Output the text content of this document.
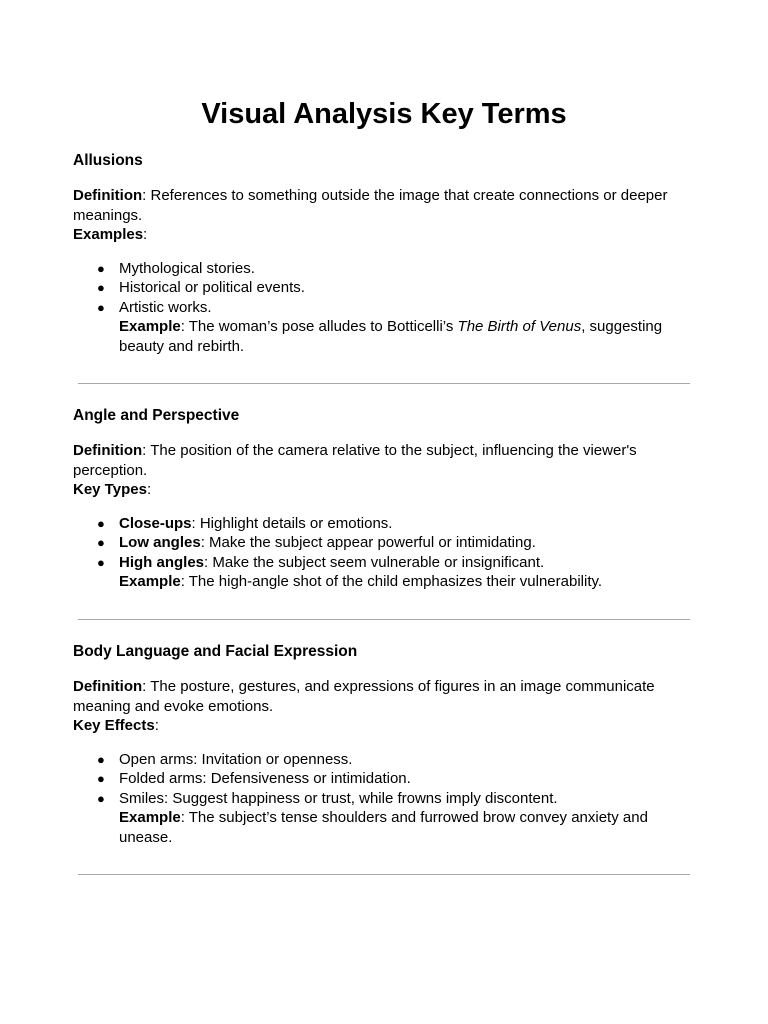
Visual Analysis Key Terms

Allusions

Definition: References to something outside the image that create connections or deeper meanings.

Examples:

● Mythological stories.
● Historical or political events.
● Artistic works.
Example: The woman’s pose alludes to Botticelli’s The Birth of Venus, suggesting beauty and rebirth.

Angle and Perspective

Definition: The position of the camera relative to the subject, influencing the viewer's perception.

Key Types:

● Close-ups: Highlight details or emotions.
● Low angles: Make the subject appear powerful or intimidating.
● High angles: Make the subject seem vulnerable or insignificant.
Example: The high-angle shot of the child emphasizes their vulnerability.

Body Language and Facial Expression

Definition: The posture, gestures, and expressions of figures in an image communicate meaning and evoke emotions.

Key Effects:

● Open arms: Invitation or openness.
● Folded arms: Defensiveness or intimidation.
● Smiles: Suggest happiness or trust, while frowns imply discontent.
Example: The subject’s tense shoulders and furrowed brow convey anxiety and unease.
